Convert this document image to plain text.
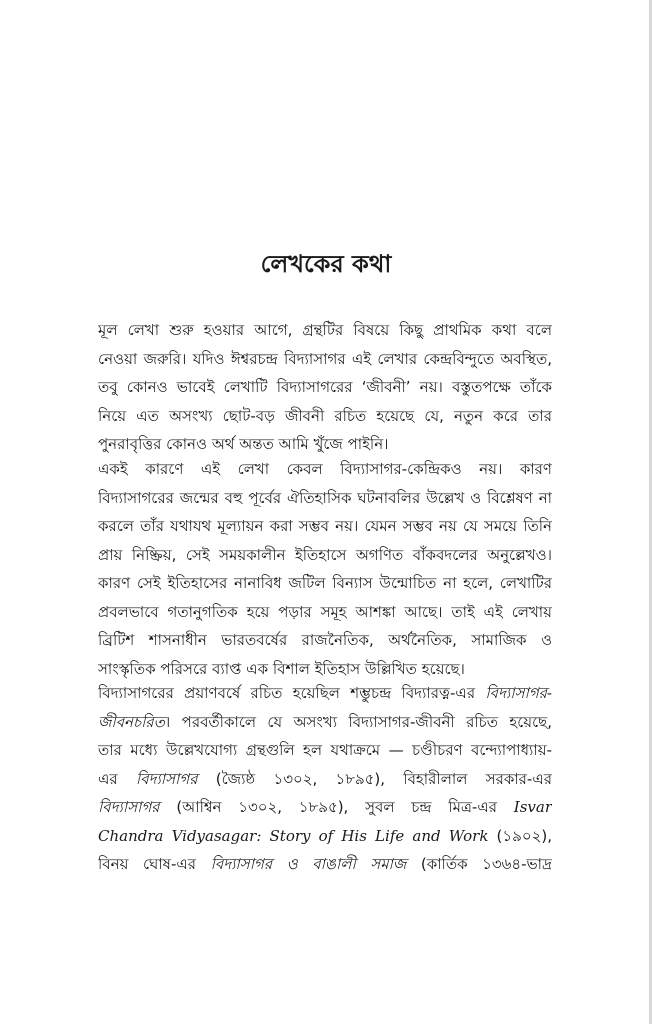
লেখকের কথা
মূল লেখা শুরু হওয়ার আগে, গ্রন্থটির বিষয়ে কিছু প্রাথমিক কথা বলে
নেওয়া জরুরি। যদিও ঈশ্বরচন্দ্র বিদ্যাসাগর এই লেখার কেন্দ্রবিন্দুতে অবস্থিত,
তবু কোনও ভাবেই লেখাটি বিদ্যাসাগরের ‘জীবনী’ নয়। বস্তুতপক্ষে তাঁকে
নিয়ে এত অসংখ্য ছোট-বড় জীবনী রচিত হয়েছে যে, নতুন করে তার
পুনরাবৃত্তির কোনও অর্থ অন্তত আমি খুঁজে পাইনি।
একই কারণে এই লেখা কেবল বিদ্যাসাগর-কেন্দ্রিকও নয়। কারণ
বিদ্যাসাগরের জন্মের বহু পূর্বের ঐতিহাসিক ঘটনাবলির উল্লেখ ও বিশ্লেষণ না
করলে তাঁর যথাযথ মূল্যায়ন করা সম্ভব নয়। যেমন সম্ভব নয় যে সময়ে তিনি
প্রায় নিষ্ক্রিয়, সেই সময়কালীন ইতিহাসে অগণিত বাঁকবদলের অনুল্লেখও।
কারণ সেই ইতিহাসের নানাবিধ জটিল বিন্যাস উন্মোচিত না হলে, লেখাটির
প্রবলভাবে গতানুগতিক হয়ে পড়ার সমূহ আশঙ্কা আছে। তাই এই লেখায়
ব্রিটিশ শাসনাধীন ভারতবর্ষের রাজনৈতিক, অর্থনৈতিক, সামাজিক ও
সাংস্কৃতিক পরিসরে ব্যাপ্ত এক বিশাল ইতিহাস উল্লিখিত হয়েছে।
বিদ্যাসাগরের প্রয়াণবর্ষে রচিত হয়েছিল শম্ভুচন্দ্র বিদ্যারত্ন-এর বিদ্যাসাগর-
জীবনচরিত। পরবর্তীকালে যে অসংখ্য বিদ্যাসাগর-জীবনী রচিত হয়েছে,
তার মধ্যে উল্লেখযোগ্য গ্রন্থগুলি হল যথাক্রমে — চণ্ডীচরণ বন্দ্যোপাধ্যায়-
এর বিদ্যাসাগর (জ্যৈষ্ঠ ১৩০২, ১৮৯৫), বিহারীলাল সরকার-এর
বিদ্যাসাগর (আশ্বিন ১৩০২, ১৮৯৫), সুবল চন্দ্র মিত্র-এর Isvar
Chandra Vidyasagar: Story of His Life and Work (১৯০২),
বিনয় ঘোষ-এর বিদ্যাসাগর ও বাঙালী সমাজ (কার্তিক ১৩৬৪-ভাদ্র
